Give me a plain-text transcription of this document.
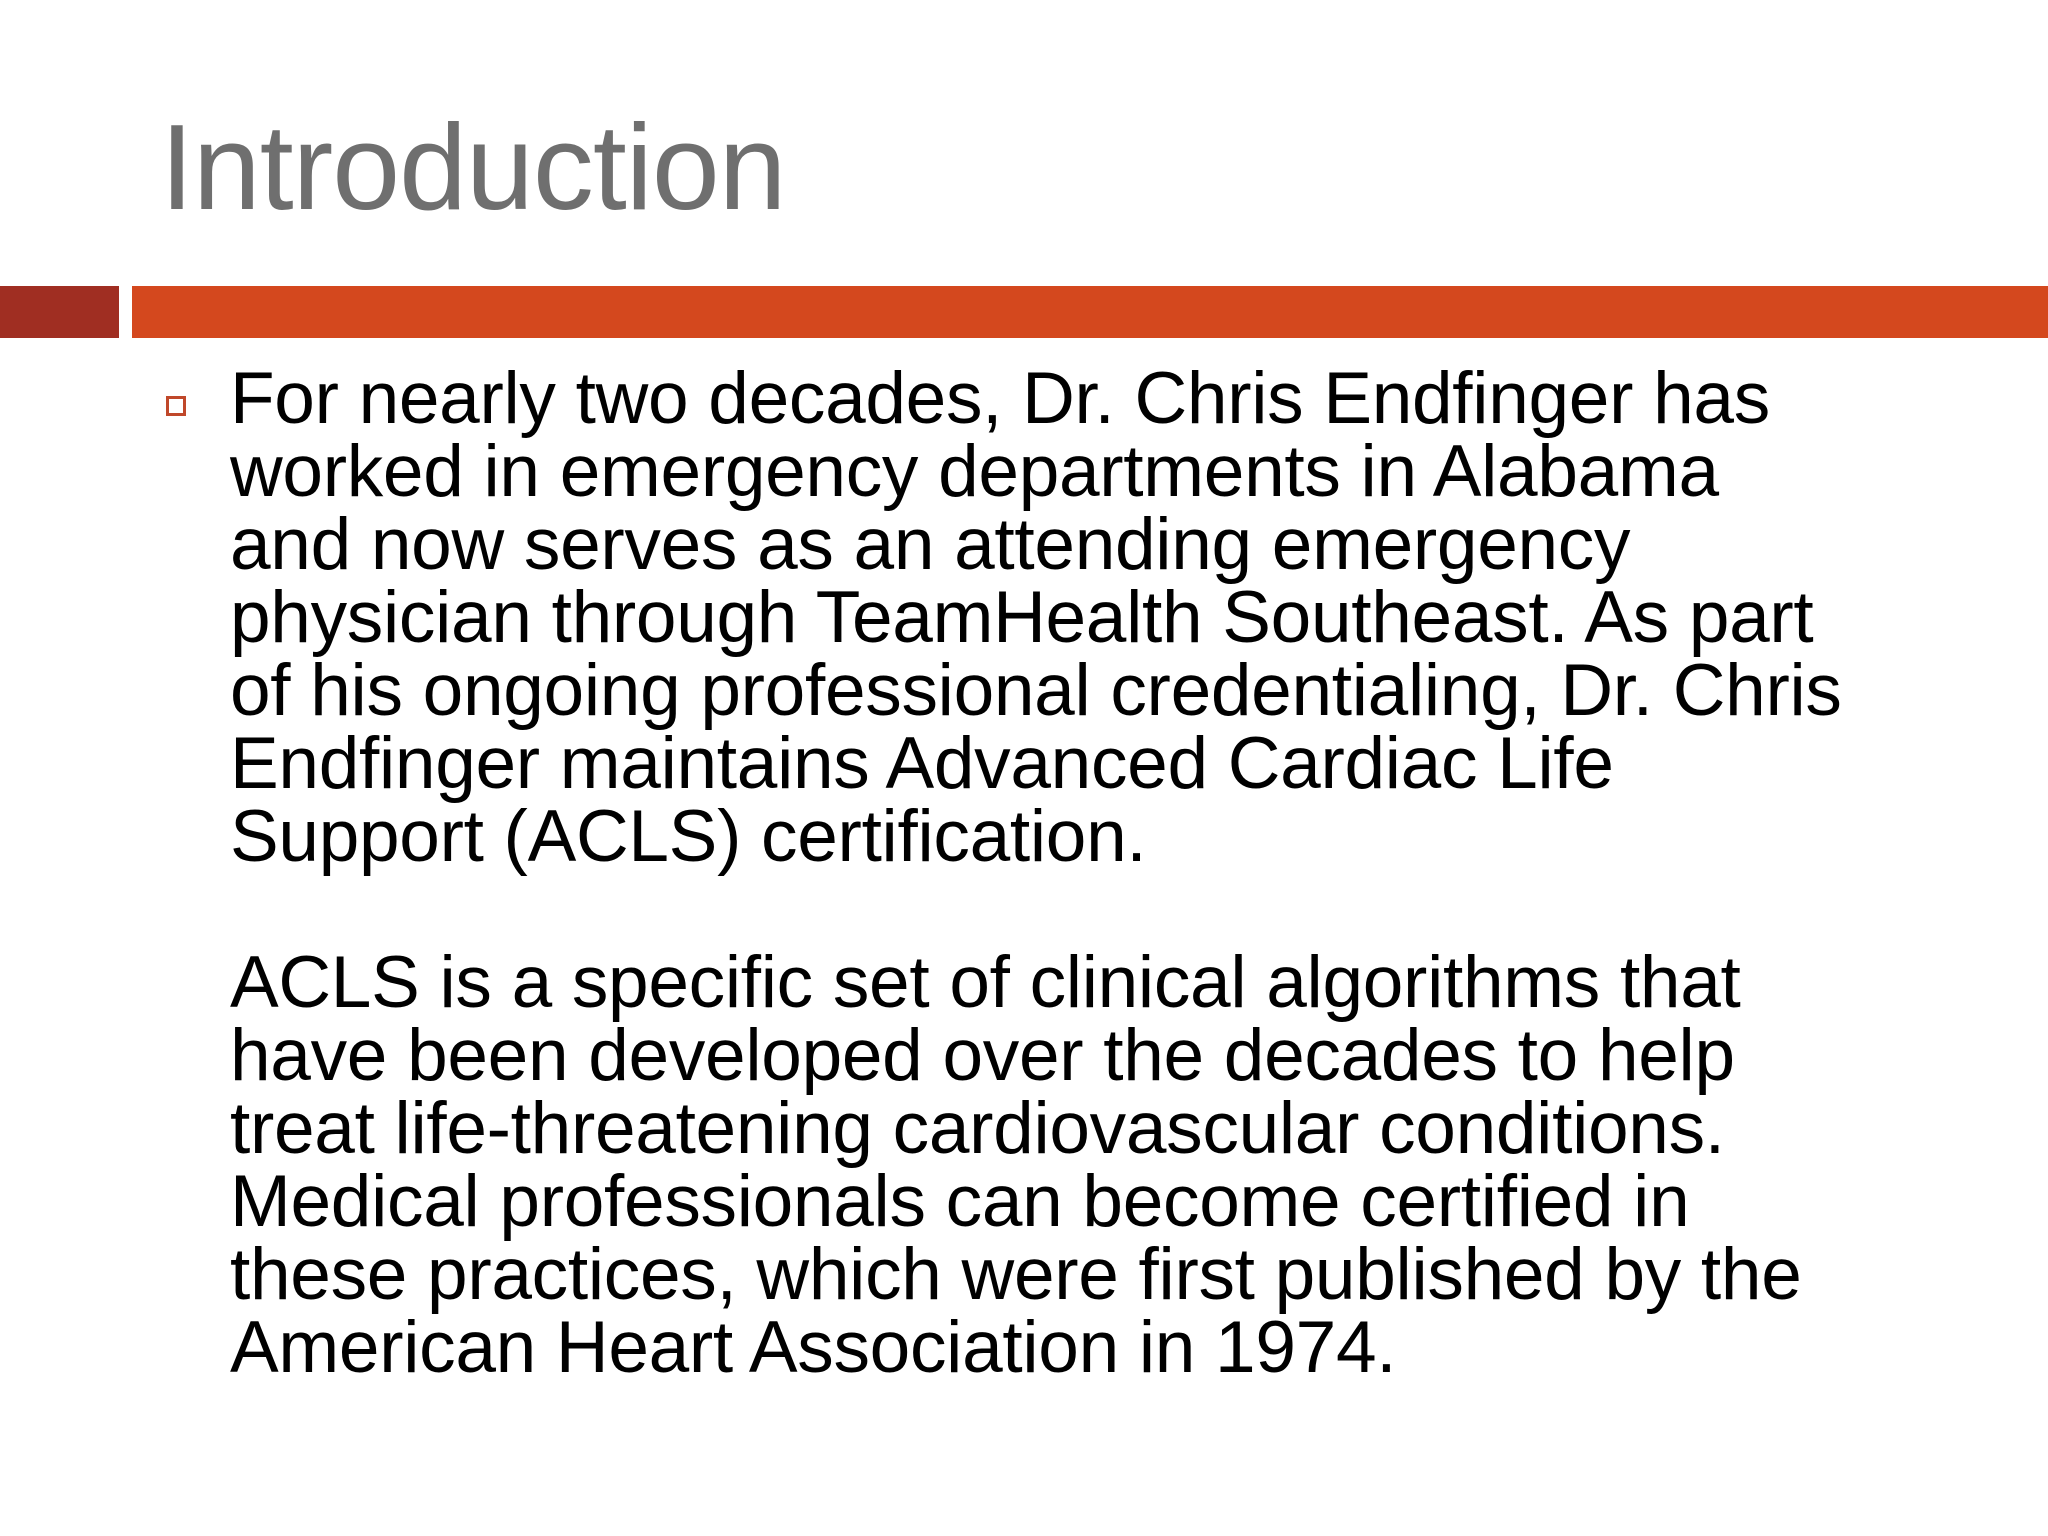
Introduction

For nearly two decades, Dr. Chris Endfinger has
worked in emergency departments in Alabama
and now serves as an attending emergency
physician through TeamHealth Southeast. As part
of his ongoing professional credentialing, Dr. Chris
Endfinger maintains Advanced Cardiac Life
Support (ACLS) certification.

ACLS is a specific set of clinical algorithms that
have been developed over the decades to help
treat life-threatening cardiovascular conditions.
Medical professionals can become certified in
these practices, which were first published by the
American Heart Association in 1974.
